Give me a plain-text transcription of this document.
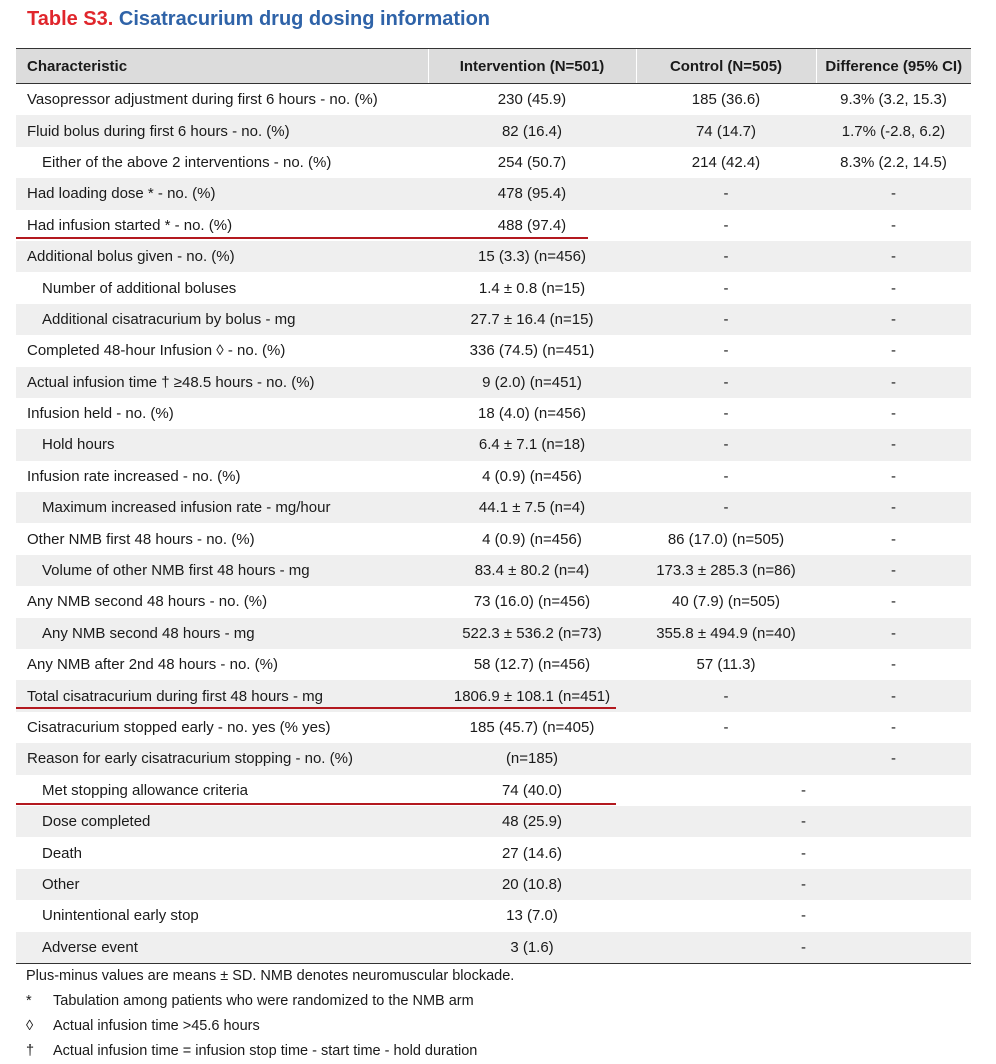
Table S3. Cisatracurium drug dosing information
Characteristic	Intervention (N=501)	Control (N=505)	Difference (95% CI)
Vasopressor adjustment during first 6 hours - no. (%)	230 (45.9)	185 (36.6)	9.3% (3.2, 15.3)
Fluid bolus during first 6 hours - no. (%)	82 (16.4)	74 (14.7)	1.7% (-2.8, 6.2)
Either of the above 2 interventions - no. (%)	254 (50.7)	214 (42.4)	8.3% (2.2, 14.5)
Had loading dose * - no. (%)	478 (95.4)	-	-
Had infusion started * - no. (%)	488 (97.4)	-	-
Additional bolus given - no. (%)	15 (3.3) (n=456)	-	-
Number of additional boluses	1.4 ± 0.8 (n=15)	-	-
Additional cisatracurium by bolus - mg	27.7 ± 16.4 (n=15)	-	-
Completed 48-hour Infusion ◊ - no. (%)	336 (74.5) (n=451)	-	-
Actual infusion time † ≥48.5 hours - no. (%)	9 (2.0) (n=451)	-	-
Infusion held - no. (%)	18 (4.0) (n=456)	-	-
Hold hours	6.4 ± 7.1 (n=18)	-	-
Infusion rate increased - no. (%)	4 (0.9) (n=456)	-	-
Maximum increased infusion rate - mg/hour	44.1 ± 7.5 (n=4)	-	-
Other NMB first 48 hours - no. (%)	4 (0.9) (n=456)	86 (17.0) (n=505)	-
Volume of other NMB first 48 hours - mg	83.4 ± 80.2 (n=4)	173.3 ± 285.3 (n=86)	-
Any NMB second 48 hours - no. (%)	73 (16.0) (n=456)	40 (7.9) (n=505)	-
Any NMB second 48 hours - mg	522.3 ± 536.2 (n=73)	355.8 ± 494.9 (n=40)	-
Any NMB after 2nd 48 hours - no. (%)	58 (12.7) (n=456)	57 (11.3)	-
Total cisatracurium during first 48 hours - mg	1806.9 ± 108.1 (n=451)	-	-
Cisatracurium stopped early - no. yes (% yes)	185 (45.7) (n=405)	-	-
Reason for early cisatracurium stopping - no. (%)	(n=185)		-
Met stopping allowance criteria	74 (40.0)	-	
Dose completed	48 (25.9)	-	
Death	27 (14.6)	-	
Other	20 (10.8)	-	
Unintentional early stop	13 (7.0)	-	
Adverse event	3 (1.6)	-	
Plus-minus values are means ± SD. NMB denotes neuromuscular blockade.
* Tabulation among patients who were randomized to the NMB arm
◊ Actual infusion time >45.6 hours
† Actual infusion time = infusion stop time - start time - hold duration
